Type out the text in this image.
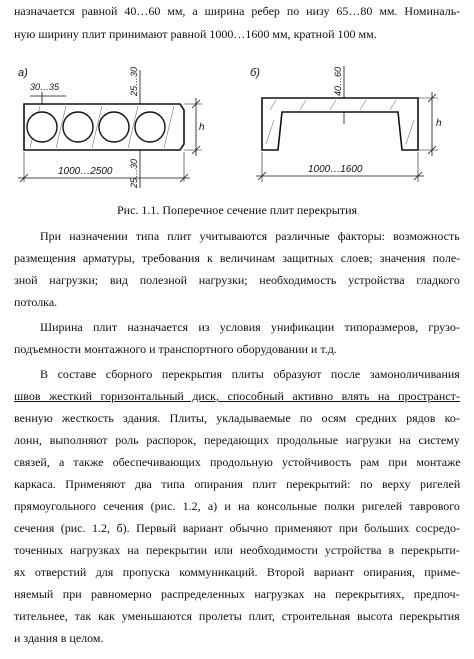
назначается равной 40…60 мм, а ширина ребер по низу 65…80 мм. Номиналь-
ную ширину плит принимают равной 1000…1600 мм, кратной 100 мм.
а)
30…35	25…30
25…30
h
1000…2500
б)	40…60
h
1000…1600
Рис. 1.1. Поперечное сечение плит перекрытия
При назначении типа плит учитываются различные факторы: возможность
размещения арматуры, требования к величинам защитных слоев; значения поле-
зной нагрузки; вид полезной нагрузки; необходимость устройства гладкого
потолка.
Ширина плит назначается из условия унификации типоразмеров, грузо-
подъемности монтажного и транспортного оборудовании и т.д.
В составе сборного перекрытия плиты образуют после замоноличивания
швов жесткий горизонтальный диск, способный активно влять на пространст-
венную жесткость здания. Плиты, укладываемые по осям средних рядов ко-
лонн, выполняют роль распорок, передающих продольные нагрузки на систему
связей, а также обеспечивающих продольную устойчивость рам при монтаже
каркаса. Применяют два типа опирания плит перекрытий: по верху ригелей
прямоугольного сечения (рис. 1.2, а) и на консольные полки ригелей таврового
сечения (рис. 1.2, б). Первый вариант обычно применяют при больших сосредо-
точенных нагрузках на перекрытии или необходимости устройства в перекрыти-
ях отверстий для пропуска коммуникаций. Второй вариант опирания, приме-
няемый при равномерно распределенных нагрузках на перекрытиях, предпоч-
тительнее, так как уменьшаются пролеты плит, строительная высота перекрытия
и здания в целом.
